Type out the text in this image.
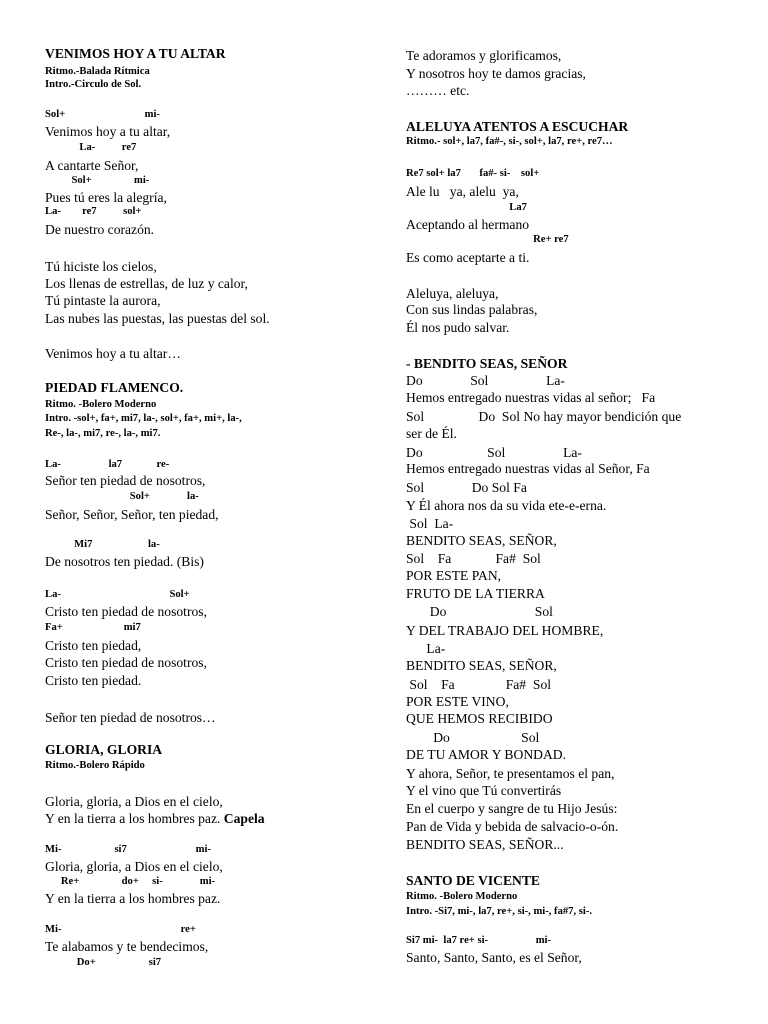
VENIMOS HOY A TU ALTAR
Ritmo.-Balada Rítmica
Intro.-Circulo de Sol.
Sol+                              mi-
Venimos hoy a tu altar,
La-          re7
A cantarte Señor,
Sol+                mi-
Pues tú eres la alegría,
La-        re7          sol+
De nuestro corazón.
Tú hiciste los cielos,
Los llenas de estrellas, de luz y calor,
Tú pintaste la aurora,
Las nubes las puestas, las puestas del sol.
Venimos hoy a tu altar…
PIEDAD FLAMENCO.
Ritmo. -Bolero Moderno
Intro. -sol+, fa+, mi7, la-, sol+, fa+, mi+, la-,
Re-, la-, mi7, re-, la-, mi7.
La-                  la7             re-
Señor ten piedad de nosotros,
Sol+              la-
Señor, Señor, Señor, ten piedad,
Mi7                     la-
De nosotros ten piedad. (Bis)
La-                                         Sol+
Cristo ten piedad de nosotros,
Fa+                       mi7
Cristo ten piedad,
Cristo ten piedad de nosotros,
Cristo ten piedad.
Señor ten piedad de nosotros…
GLORIA, GLORIA
Ritmo.-Bolero Rápido
Gloria, gloria, a Dios en el cielo,
Y en la tierra a los hombres paz. Capela
Mi-                    si7                          mi-
Gloria, gloria, a Dios en el cielo,
Re+                do+     si-              mi-
Y en la tierra a los hombres paz.
Mi-                                             re+
Te alabamos y te bendecimos,
Do+                    si7
Te adoramos y glorificamos,
Y nosotros hoy te damos gracias,
……… etc.
ALELUYA ATENTOS A ESCUCHAR
Ritmo.- sol+, la7, fa#-, si-, sol+, la7, re+, re7…
Re7 sol+ la7       fa#- si-    sol+
Ale lu   ya, alelu  ya,
La7
Aceptando al hermano
Re+ re7
Es como aceptarte a ti.
Aleluya, aleluya,
Con sus lindas palabras,
Él nos pudo salvar.
- BENDITO SEAS, SEÑOR
Do              Sol                 La-
Hemos entregado nuestras vidas al señor;   Fa
Sol                Do  Sol No hay mayor bendición que
ser de Él.
Do                   Sol                 La-
Hemos entregado nuestras vidas al Señor, Fa
Sol              Do Sol Fa
Y Él ahora nos da su vida ete-e-erna.
Sol  La-
BENDITO SEAS, SEÑOR,
Sol    Fa             Fa#  Sol
POR ESTE PAN,
FRUTO DE LA TIERRA
Do                          Sol
Y DEL TRABAJO DEL HOMBRE,
La-
BENDITO SEAS, SEÑOR,
Sol    Fa               Fa#  Sol
POR ESTE VINO,
QUE HEMOS RECIBIDO
Do                     Sol
DE TU AMOR Y BONDAD.
Y ahora, Señor, te presentamos el pan,
Y el vino que Tú convertirás
En el cuerpo y sangre de tu Hijo Jesús:
Pan de Vida y bebida de salvacio-o-ón.
BENDITO SEAS, SEÑOR...
SANTO DE VICENTE
Ritmo. -Bolero Moderno
Intro. -Si7, mi-, la7, re+, si-, mi-, fa#7, si-.
Si7 mi-  la7 re+ si-                  mi-
Santo, Santo, Santo, es el Señor,
